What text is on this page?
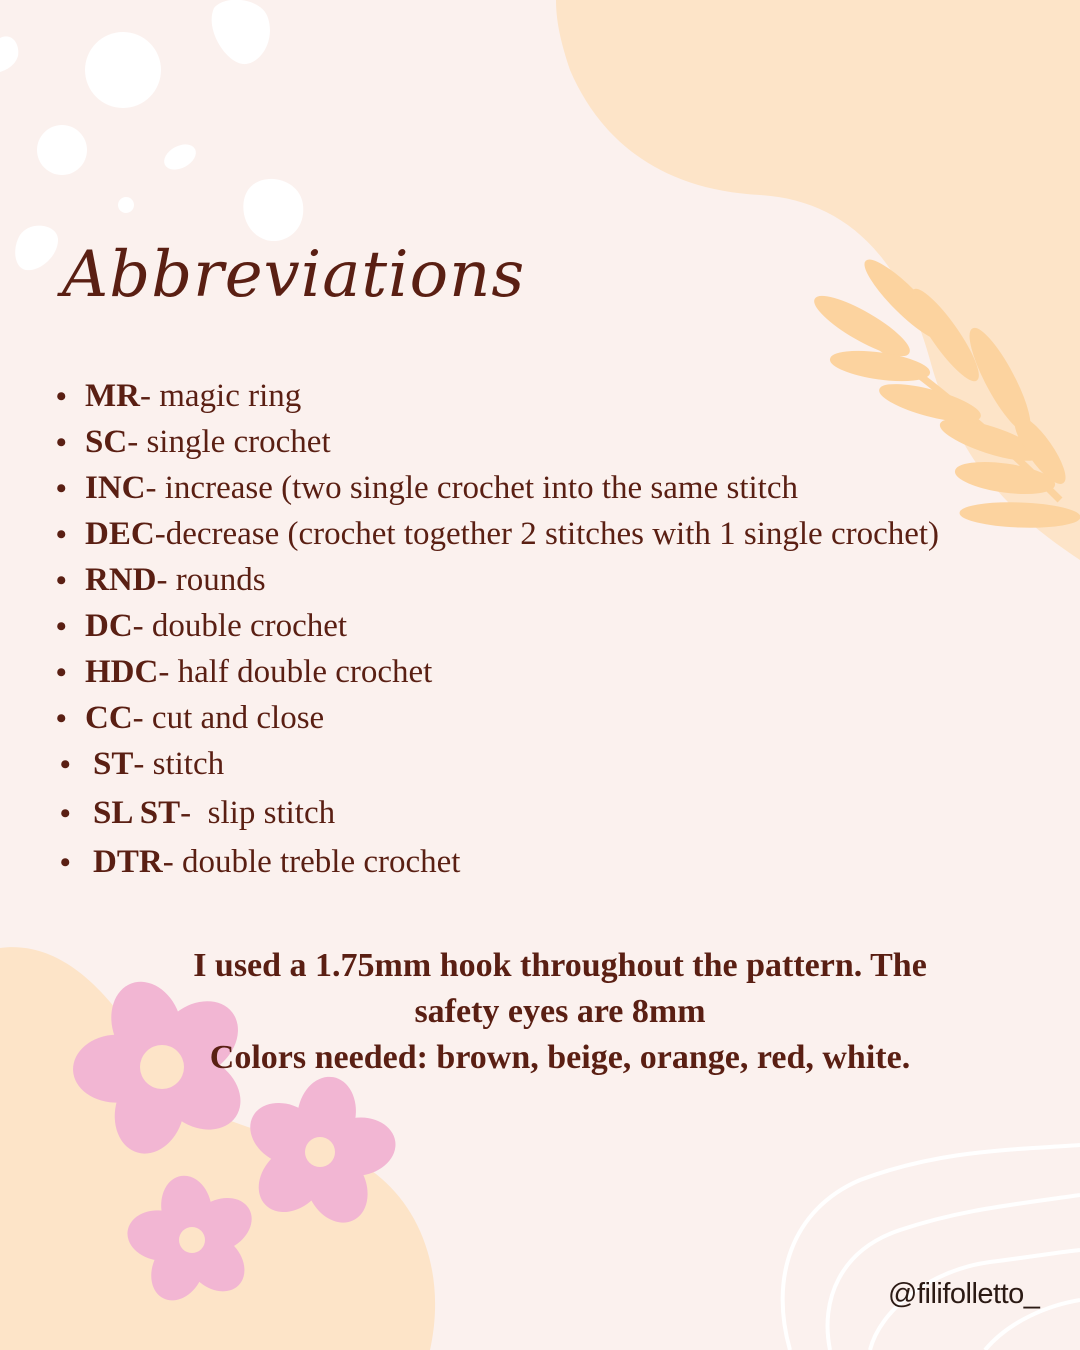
Abbreviations
• MR - magic ring
• SC - single crochet
• INC - increase (two single crochet into the same stitch
• DEC - decrease (crochet together 2 stitches with 1 single crochet)
• RND - rounds
• DC - double crochet
• HDC - half double crochet
• CC - cut and close
• ST - stitch
• SL ST - slip stitch
• DTR - double treble crochet
I used a 1.75mm hook throughout the pattern. The
safety eyes are 8mm
Colors needed: brown, beige, orange, red, white.
@filifolletto_
